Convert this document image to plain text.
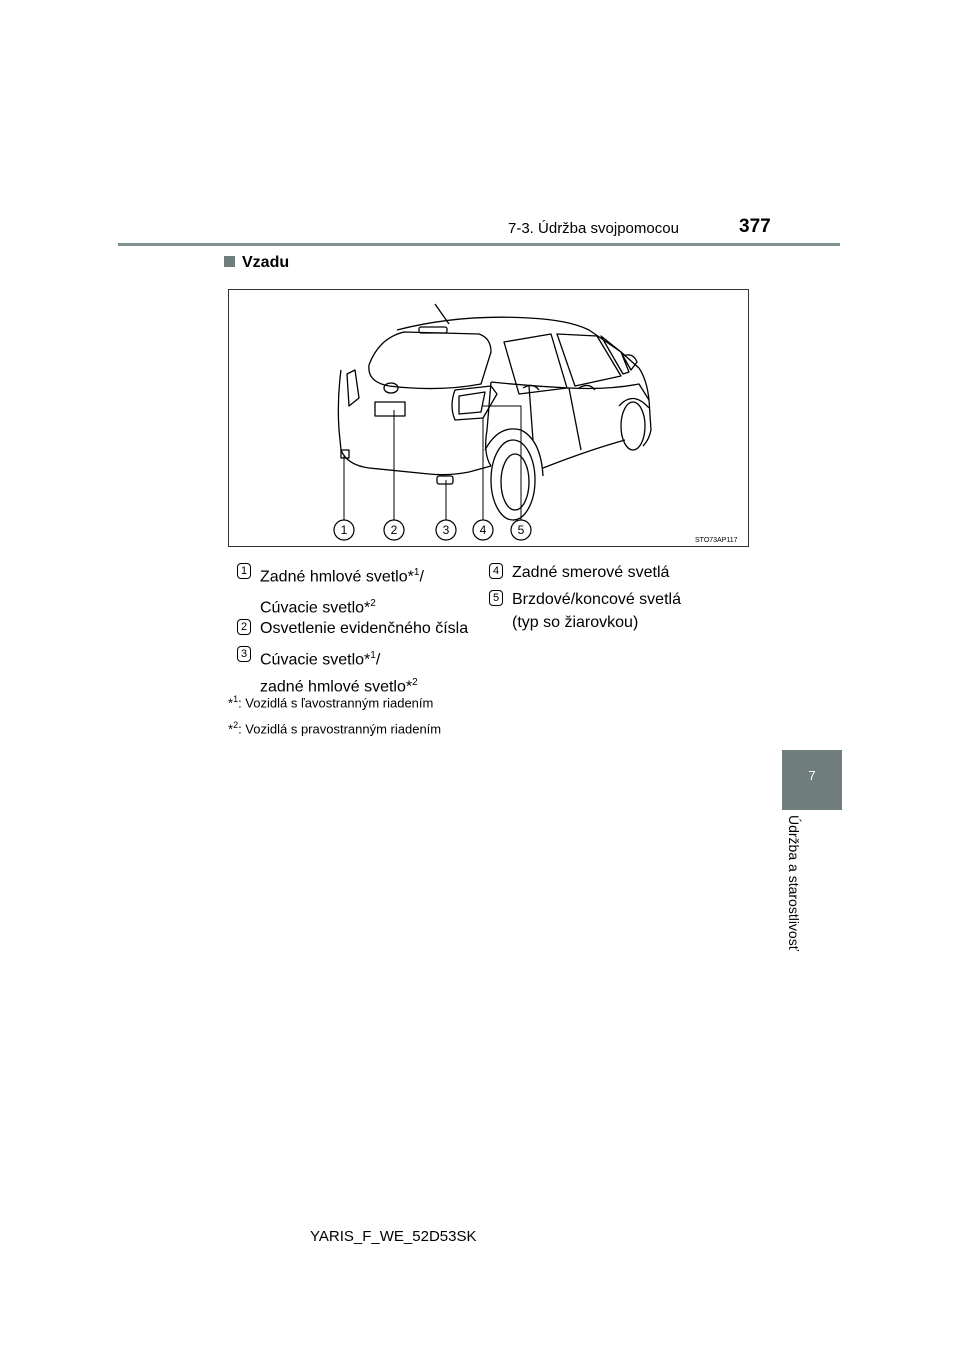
7-3. Údržba svojpomocou	377
7
Údržba a starostlivosť
Vzadu
1	2	3	4	5
STO73AP117
1 Zadné hmlové svetlo*$^1$/
Cúvacie svetlo*$^2$
2 Osvetlenie evidenčného čísla
3 Cúvacie svetlo*$^1$/
zadné hmlové svetlo*$^2$
4 Zadné smerové svetlá
5 Brzdové/koncové svetlá
(typ so žiarovkou)
*$^1$: Vozidlá s ľavostranným riadením
*$^2$: Vozidlá s pravostranným riadením
YARIS_F_WE_52D53SK
